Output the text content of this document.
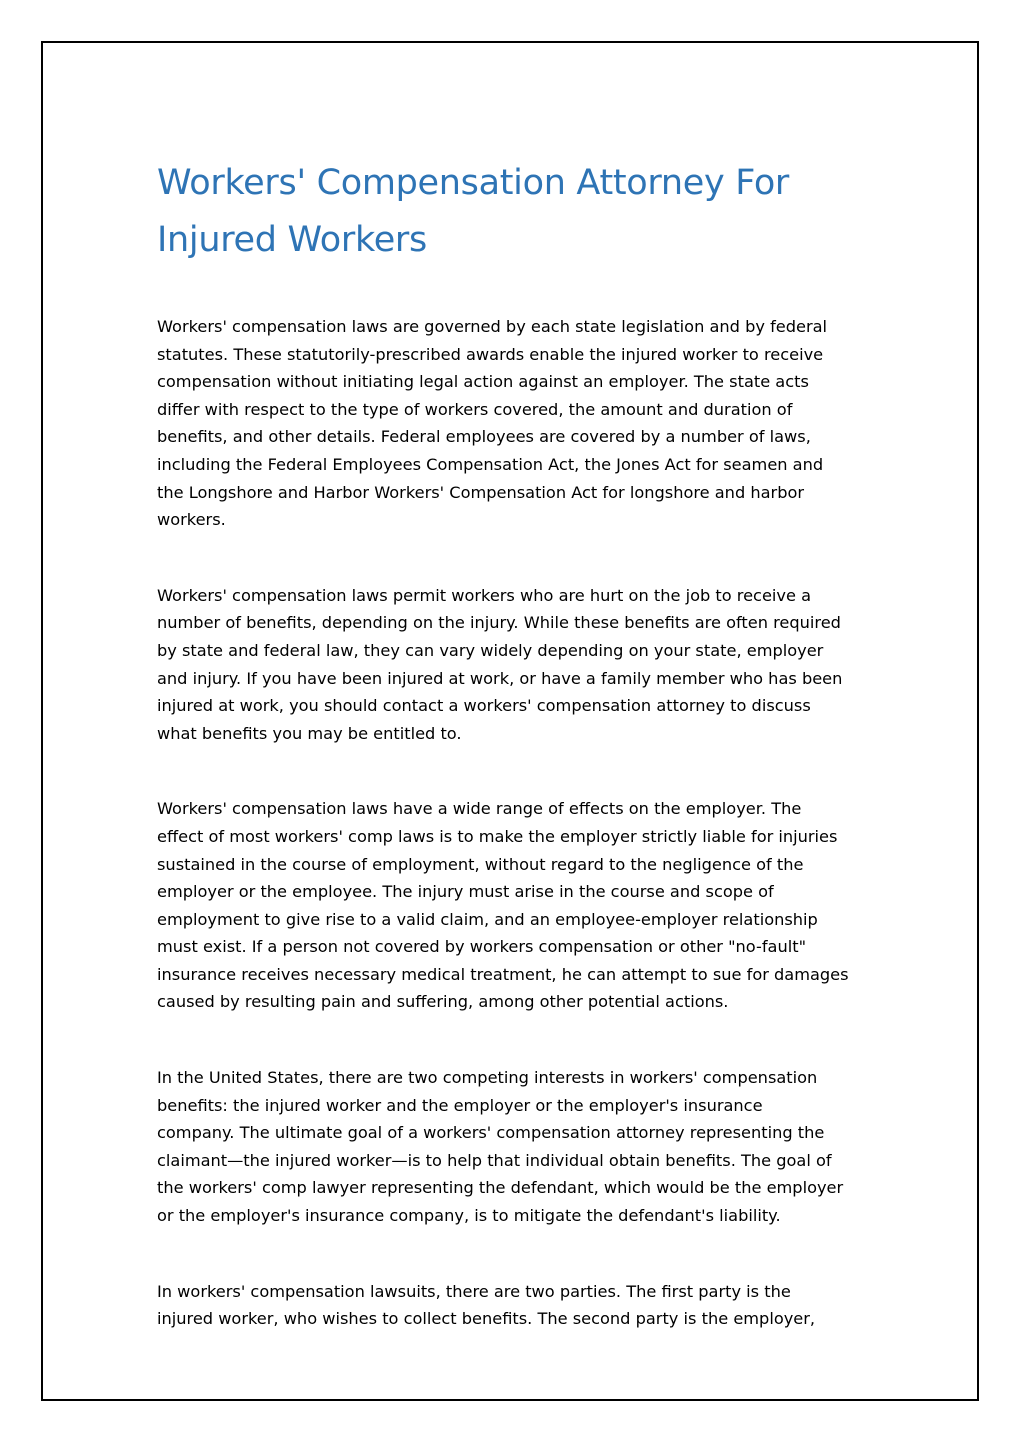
Workers' Compensation Attorney For
Injured Workers

Workers' compensation laws are governed by each state legislation and by federal
statutes. These statutorily-prescribed awards enable the injured worker to receive
compensation without initiating legal action against an employer. The state acts
differ with respect to the type of workers covered, the amount and duration of
benefits, and other details. Federal employees are covered by a number of laws,
including the Federal Employees Compensation Act, the Jones Act for seamen and
the Longshore and Harbor Workers' Compensation Act for longshore and harbor
workers.

Workers' compensation laws permit workers who are hurt on the job to receive a
number of benefits, depending on the injury. While these benefits are often required
by state and federal law, they can vary widely depending on your state, employer
and injury. If you have been injured at work, or have a family member who has been
injured at work, you should contact a workers' compensation attorney to discuss
what benefits you may be entitled to.

Workers' compensation laws have a wide range of effects on the employer. The
effect of most workers' comp laws is to make the employer strictly liable for injuries
sustained in the course of employment, without regard to the negligence of the
employer or the employee. The injury must arise in the course and scope of
employment to give rise to a valid claim, and an employee-employer relationship
must exist. If a person not covered by workers compensation or other "no-fault"
insurance receives necessary medical treatment, he can attempt to sue for damages
caused by resulting pain and suffering, among other potential actions.

In the United States, there are two competing interests in workers' compensation
benefits: the injured worker and the employer or the employer's insurance
company. The ultimate goal of a workers' compensation attorney representing the
claimant—the injured worker—is to help that individual obtain benefits. The goal of
the workers' comp lawyer representing the defendant, which would be the employer
or the employer's insurance company, is to mitigate the defendant's liability.

In workers' compensation lawsuits, there are two parties. The first party is the
injured worker, who wishes to collect benefits. The second party is the employer,
